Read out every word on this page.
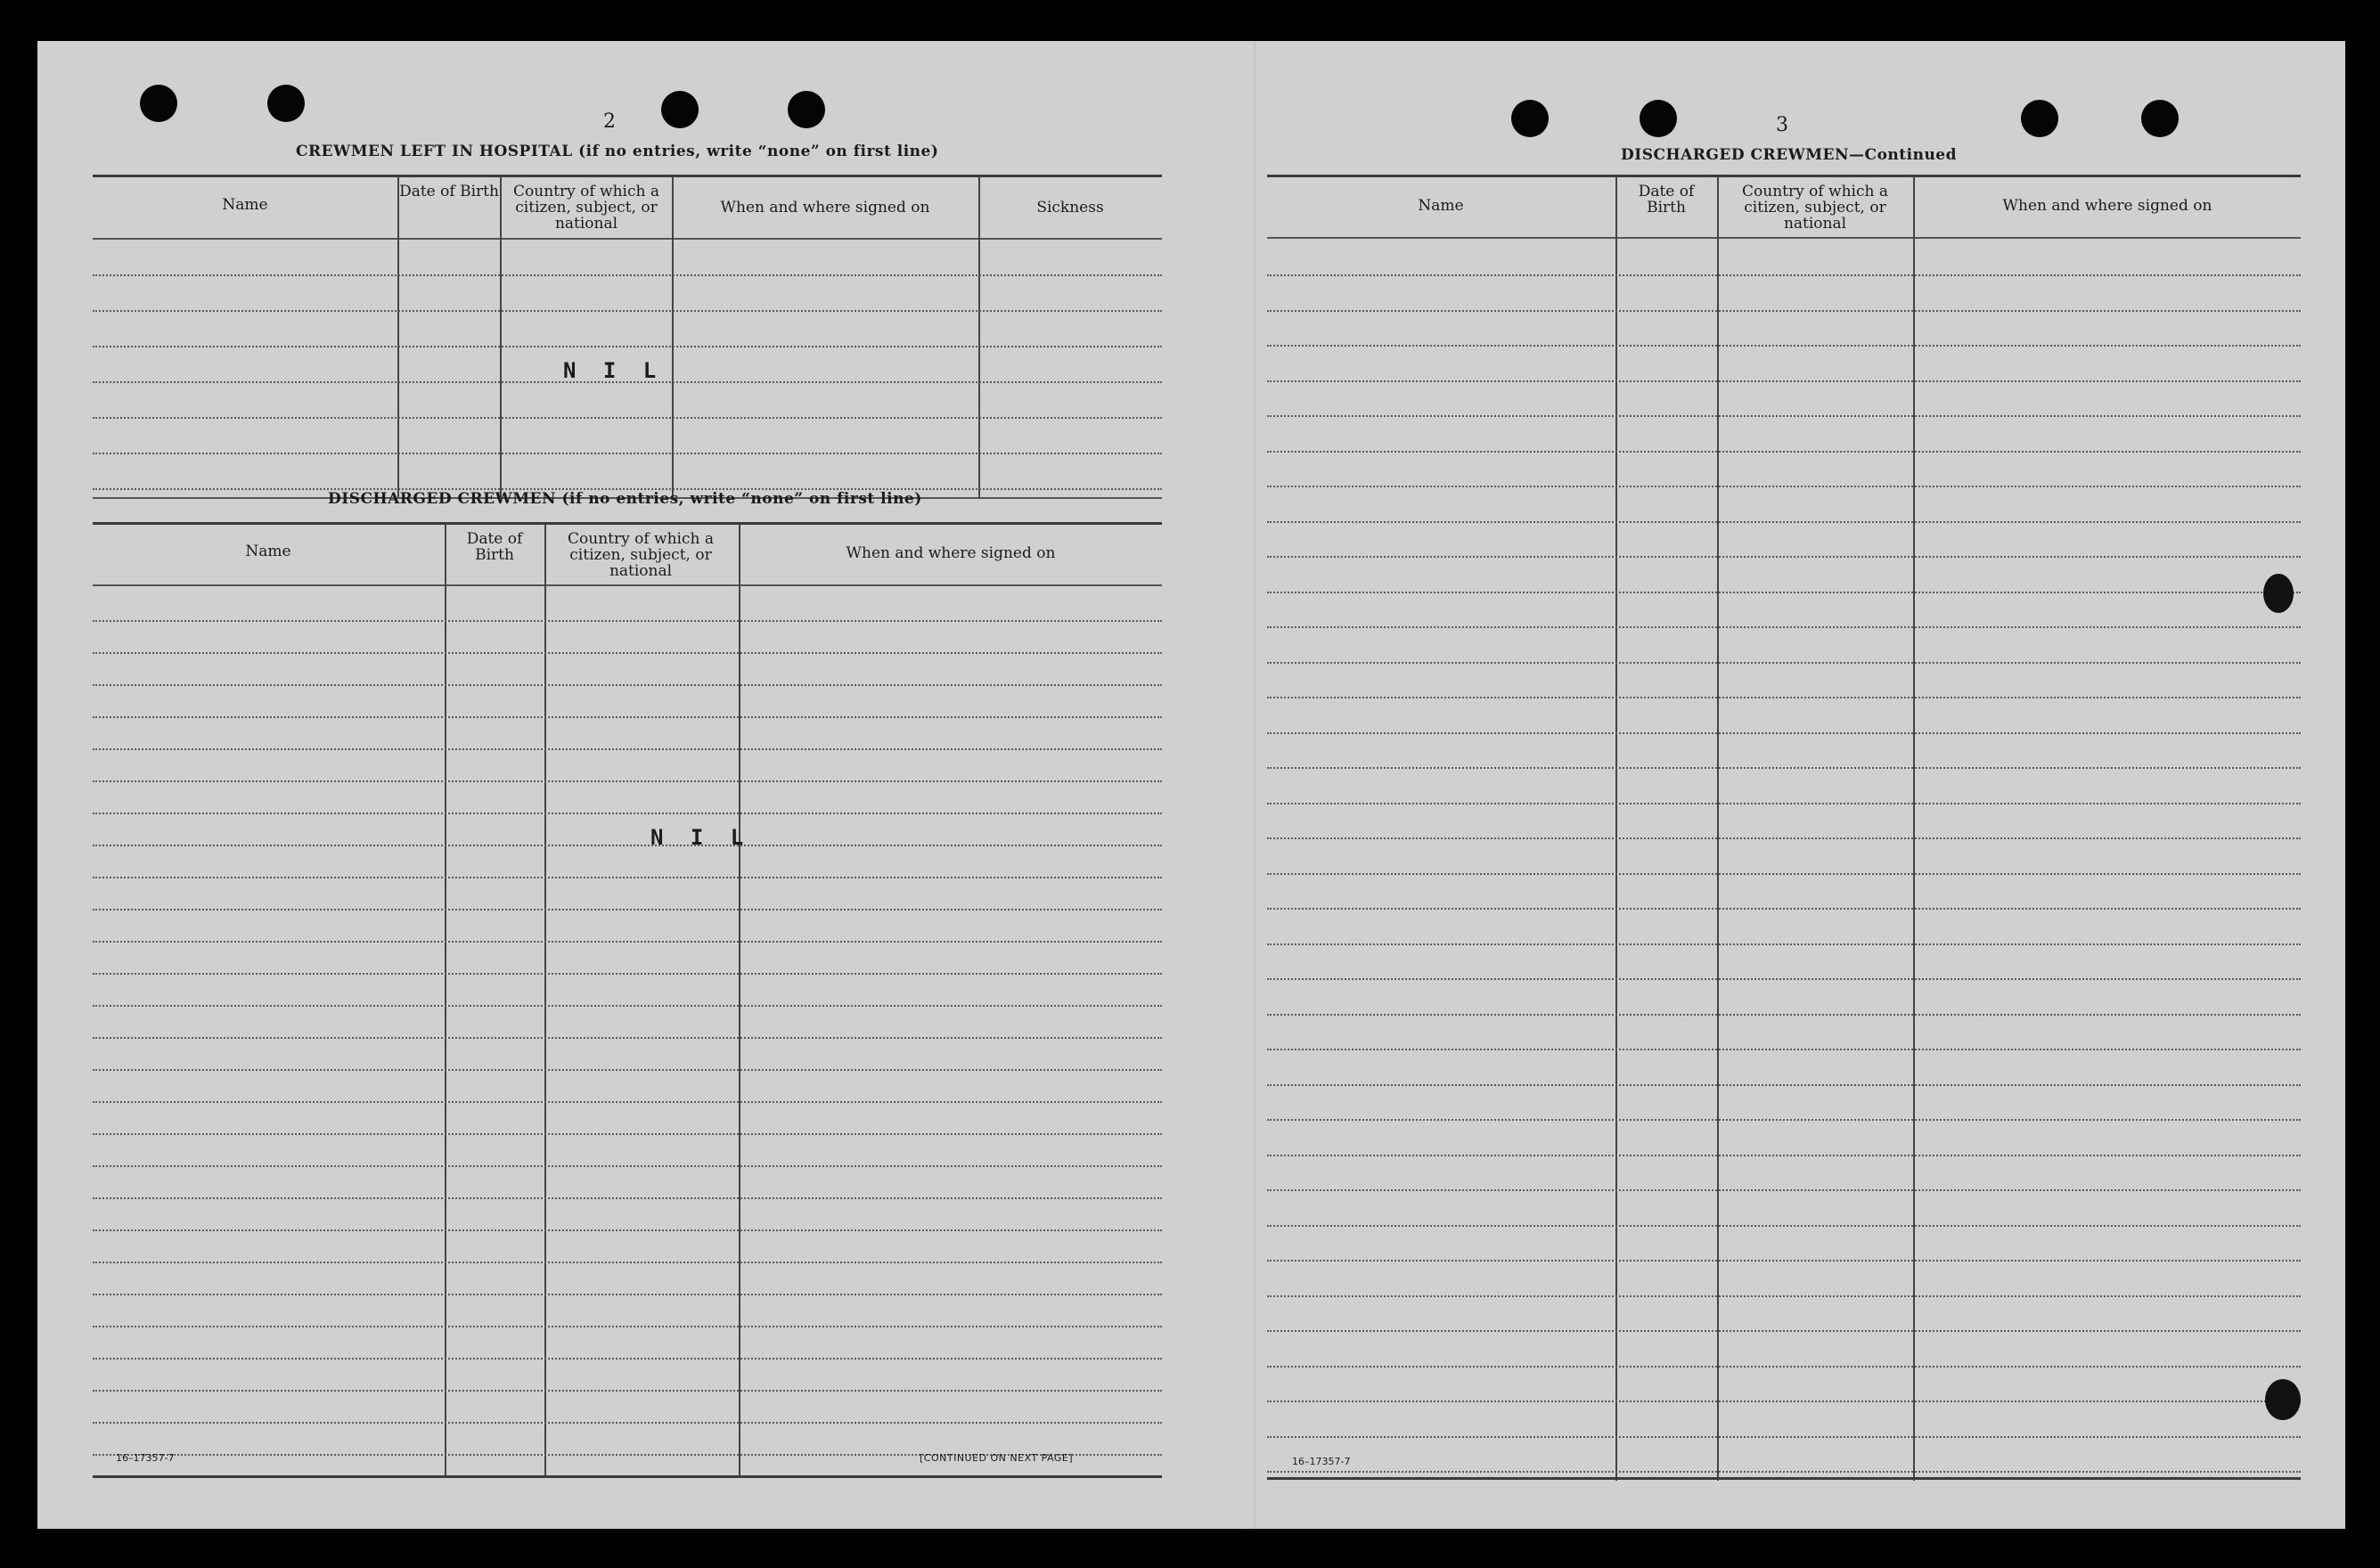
2
CREWMEN LEFT IN HOSPITAL (if no entries, write “none” on first line)
Name
Date of Birth Country of which a citizen, subject, or national
When and where signed on	Sickness
N I L
DISCHARGED CREWMEN (if no entries, write “none” on first line)
Name
Date of Birth
Country of which a citizen, subject, or national
When and where signed on
N I L
16–17357-7	[CONTINUED ON NEXT PAGE]
3
DISCHARGED CREWMEN—Continued
Name
Date of Birth
Country of which a citizen, subject, or national
When and where signed on
16–17357-7
